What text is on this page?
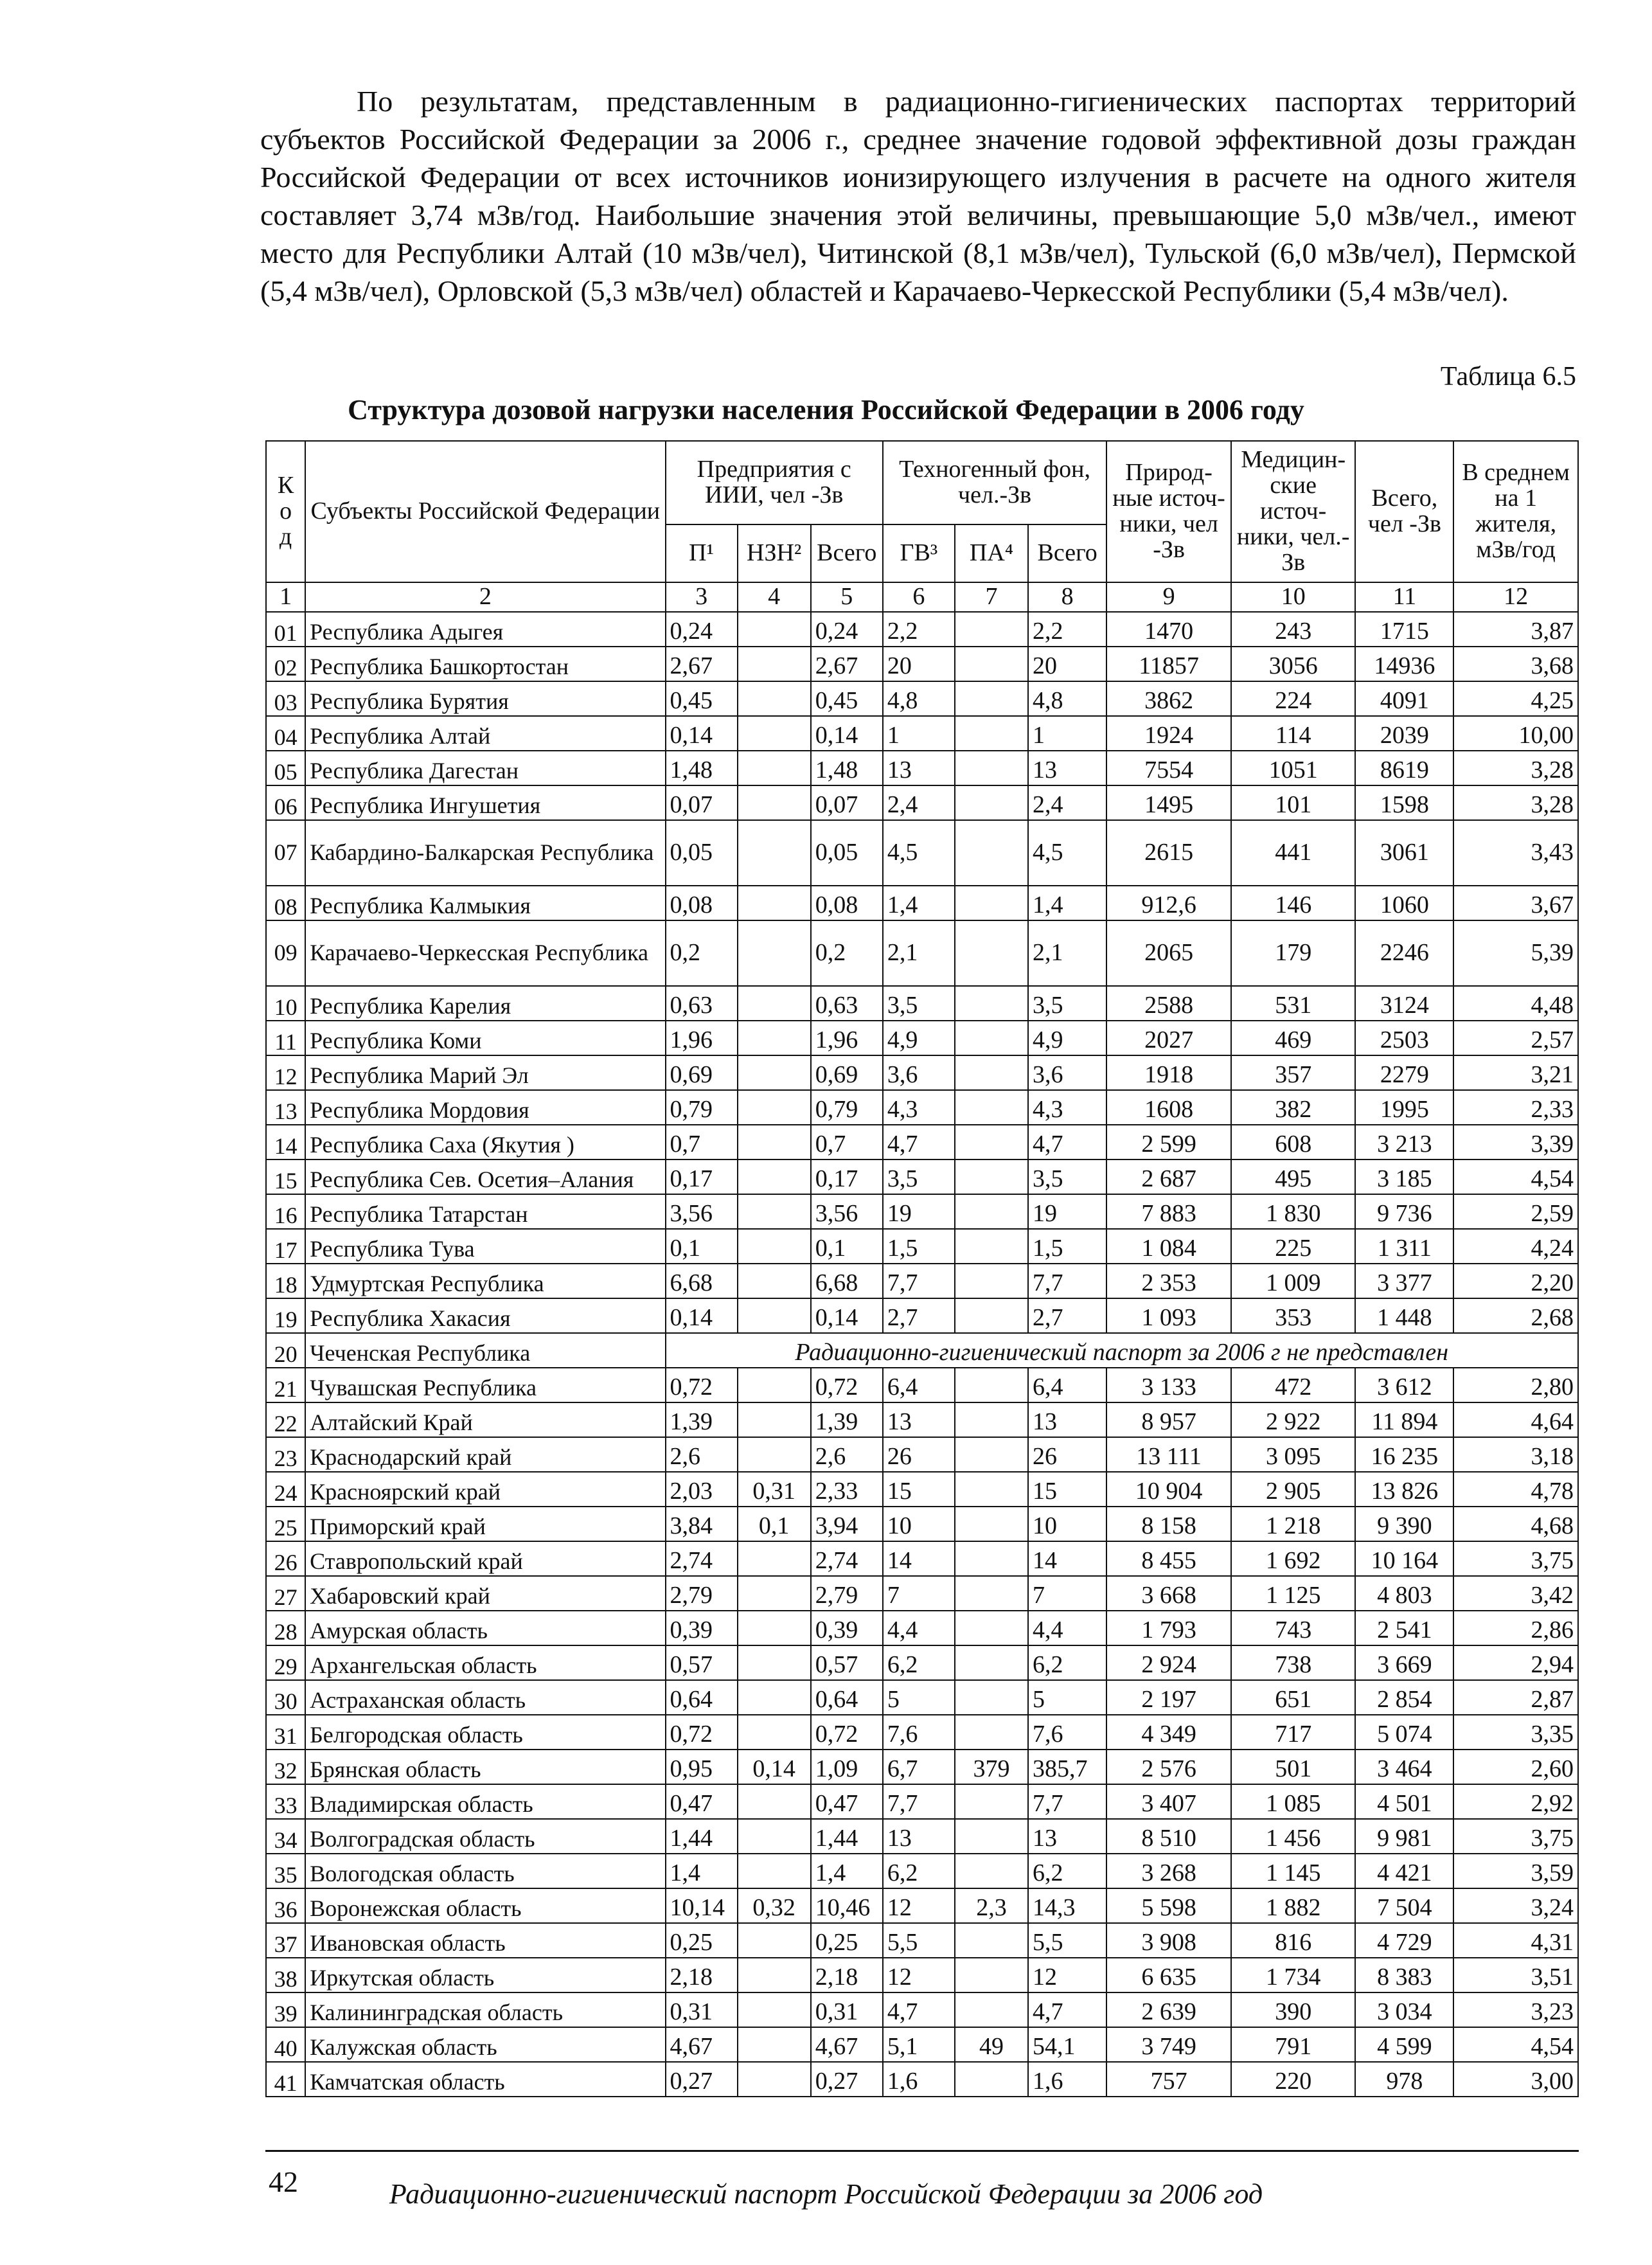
По результатам, представленным в радиационно-гигиенических паспортах территорий субъектов Российской Федерации за 2006 г., среднее значение годовой эффективной дозы граждан Российской Федерации от всех источников ионизирующего излучения в расчете на одного жителя составляет 3,74 мЗв/год. Наибольшие значения этой величины, превышающие 5,0 мЗв/чел., имеют место для Республики Алтай (10 мЗв/чел), Читинской (8,1 мЗв/чел), Тульской (6,0 мЗв/чел), Пермской (5,4 мЗв/чел), Орловской (5,3 мЗв/чел) областей и Карачаево-Черкесской Республики (5,4 мЗв/чел).

Таблица 6.5
Структура дозовой нагрузки населения Российской Федерации в 2006 году
К о д	Субъекты Российской Федерации	Предприятия с ИИИ, чел -Зв			Техногенный фон, чел.-Зв			Природ-ные источ-ники, чел -Зв	Медицин-ские источ-ники, чел.-Зв	Всего, чел -Зв	В среднем на 1 жителя, мЗв/год
		П¹	НЗН²	Всего	ГВ³	ПА⁴	Всего				
1	2	3	4	5	6	7	8	9	10	11	12
01	Республика Адыгея	0,24		0,24	2,2		2,2	1470	243	1715	3,87
02	Республика Башкортостан	2,67		2,67	20		20	11857	3056	14936	3,68
03	Республика Бурятия	0,45		0,45	4,8		4,8	3862	224	4091	4,25
04	Республика Алтай	0,14		0,14	1		1	1924	114	2039	10,00
05	Республика Дагестан	1,48		1,48	13		13	7554	1051	8619	3,28
06	Республика Ингушетия	0,07		0,07	2,4		2,4	1495	101	1598	3,28
07	Кабардино-Балкарская Республика	0,05		0,05	4,5		4,5	2615	441	3061	3,43
08	Республика Калмыкия	0,08		0,08	1,4		1,4	912,6	146	1060	3,67
09	Карачаево-Черкесская Республика	0,2		0,2	2,1		2,1	2065	179	2246	5,39
10	Республика Карелия	0,63		0,63	3,5		3,5	2588	531	3124	4,48
11	Республика Коми	1,96		1,96	4,9		4,9	2027	469	2503	2,57
12	Республика Марий Эл	0,69		0,69	3,6		3,6	1918	357	2279	3,21
13	Республика Мордовия	0,79		0,79	4,3		4,3	1608	382	1995	2,33
14	Республика Саха (Якутия )	0,7		0,7	4,7		4,7	2 599	608	3 213	3,39
15	Республика Сев. Осетия–Алания	0,17		0,17	3,5		3,5	2 687	495	3 185	4,54
16	Республика Татарстан	3,56		3,56	19		19	7 883	1 830	9 736	2,59
17	Республика Тува	0,1		0,1	1,5		1,5	1 084	225	1 311	4,24
18	Удмуртская Республика	6,68		6,68	7,7		7,7	2 353	1 009	3 377	2,20
19	Республика Хакасия	0,14		0,14	2,7		2,7	1 093	353	1 448	2,68
20	Чеченская Республика	Радиационно-гигиенический паспорт за 2006 г не представлен									
21	Чувашская Республика	0,72		0,72	6,4		6,4	3 133	472	3 612	2,80
22	Алтайский Край	1,39		1,39	13		13	8 957	2 922	11 894	4,64
23	Краснодарский край	2,6		2,6	26		26	13 111	3 095	16 235	3,18
24	Красноярский край	2,03	0,31	2,33	15		15	10 904	2 905	13 826	4,78
25	Приморский край	3,84	0,1	3,94	10		10	8 158	1 218	9 390	4,68
26	Ставропольский край	2,74		2,74	14		14	8 455	1 692	10 164	3,75
27	Хабаровский край	2,79		2,79	7		7	3 668	1 125	4 803	3,42
28	Амурская область	0,39		0,39	4,4		4,4	1 793	743	2 541	2,86
29	Архангельская область	0,57		0,57	6,2		6,2	2 924	738	3 669	2,94
30	Астраханская область	0,64		0,64	5		5	2 197	651	2 854	2,87
31	Белгородская область	0,72		0,72	7,6		7,6	4 349	717	5 074	3,35
32	Брянская область	0,95	0,14	1,09	6,7	379	385,7	2 576	501	3 464	2,60
33	Владимирская область	0,47		0,47	7,7		7,7	3 407	1 085	4 501	2,92
34	Волгоградская область	1,44		1,44	13		13	8 510	1 456	9 981	3,75
35	Вологодская область	1,4		1,4	6,2		6,2	3 268	1 145	4 421	3,59
36	Воронежская область	10,14	0,32	10,46	12	2,3	14,3	5 598	1 882	7 504	3,24
37	Ивановская область	0,25		0,25	5,5		5,5	3 908	816	4 729	4,31
38	Иркутская область	2,18		2,18	12		12	6 635	1 734	8 383	3,51
39	Калининградская область	0,31		0,31	4,7		4,7	2 639	390	3 034	3,23
40	Калужская область	4,67		4,67	5,1	49	54,1	3 749	791	4 599	4,54
41	Камчатская область	0,27		0,27	1,6		1,6	757	220	978	3,00
42	Радиационно-гигиенический паспорт Российской Федерации за 2006 год
